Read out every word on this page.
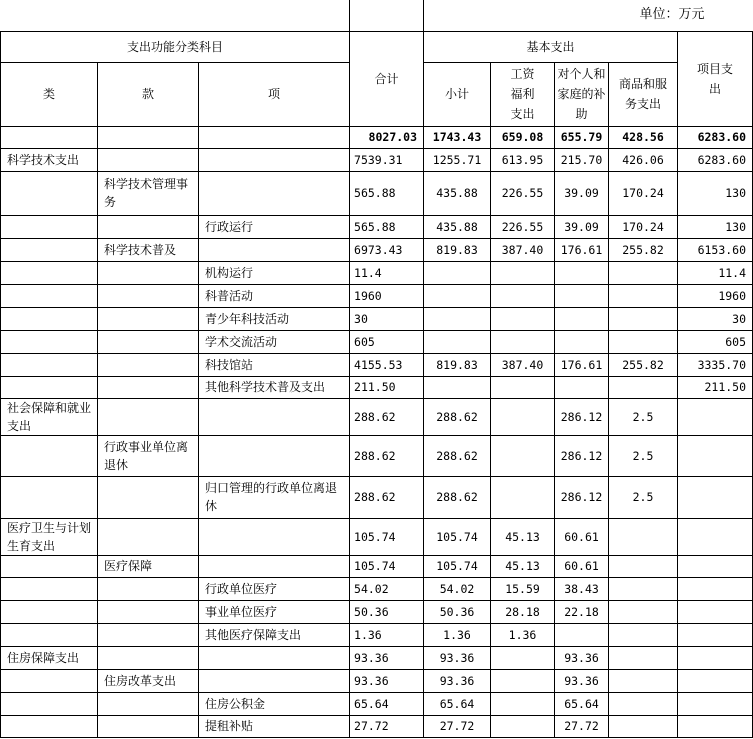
				单位：万元				
支出功能分类科目			合计	基本支出				项目支出
类	款	项		小计	工资福利支出	对个人和家庭的补助	商品和服务支出	
			8027.03	1743.43	659.08	655.79	428.56	6283.60
科学技术支出			7539.31	1255.71	613.95	215.70	426.06	6283.60
	科学技术管理事务		565.88	435.88	226.55	39.09	170.24	130
		行政运行	565.88	435.88	226.55	39.09	170.24	130
	科学技术普及		6973.43	819.83	387.40	176.61	255.82	6153.60
		机构运行	11.4					11.4
		科普活动	1960					1960
		青少年科技活动	30					30
		学术交流活动	605					605
		科技馆站	4155.53	819.83	387.40	176.61	255.82	3335.70
		其他科学技术普及支出	211.50					211.50
社会保障和就业支出			288.62	288.62		286.12	2.5	
	行政事业单位离退休		288.62	288.62		286.12	2.5	
		归口管理的行政单位离退休	288.62	288.62		286.12	2.5	
医疗卫生与计划生育支出			105.74	105.74	45.13	60.61		
	医疗保障		105.74	105.74	45.13	60.61		
		行政单位医疗	54.02	54.02	15.59	38.43		
		事业单位医疗	50.36	50.36	28.18	22.18		
		其他医疗保障支出	1.36	1.36	1.36			
住房保障支出			93.36	93.36		93.36		
	住房改革支出		93.36	93.36		93.36		
		住房公积金	65.64	65.64		65.64		
		提租补贴	27.72	27.72		27.72		
